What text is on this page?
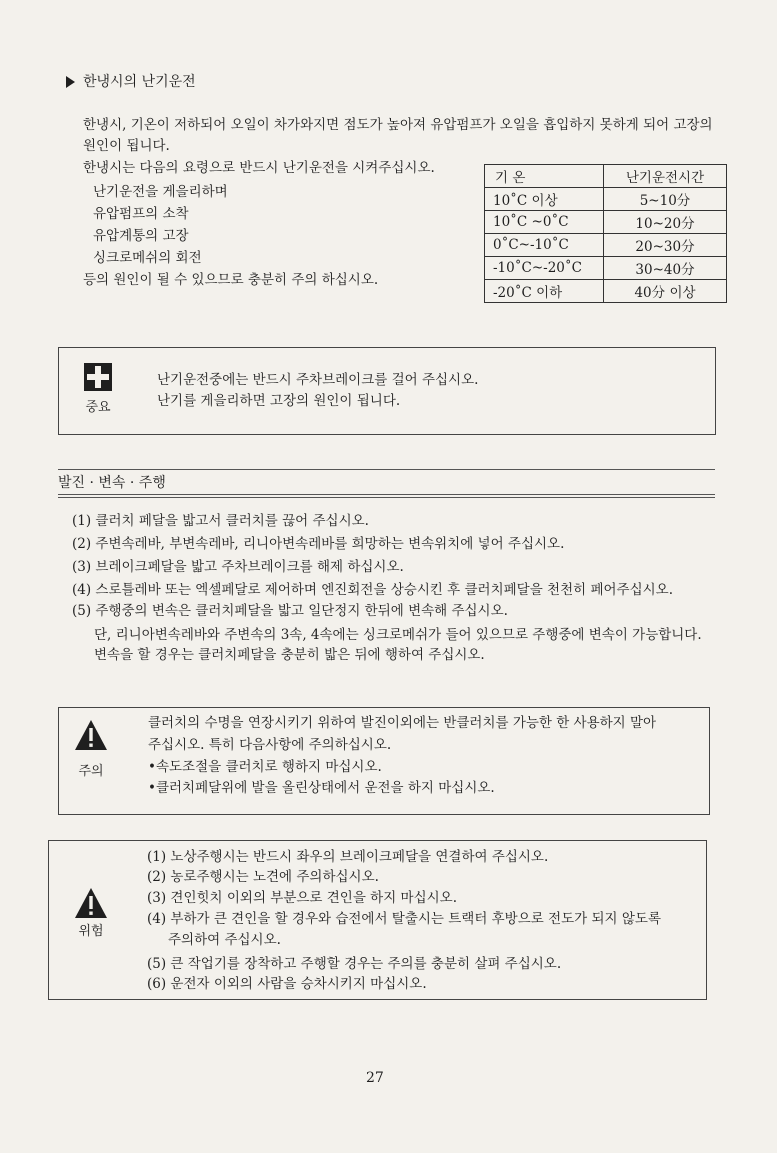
한냉시의 난기운전
한냉시, 기온이 저하되어 오일이 차가와지면 점도가 높아져 유압펌프가 오일을 흡입하지 못하게 되어 고장의
원인이 됩니다.
한냉시는 다음의 요령으로 반드시 난기운전을 시켜주십시오.
난기운전을 게을리하며
유압펌프의 소착
유압계통의 고장
싱크로메쉬의 회전
등의 원인이 될 수 있으므로 충분히 주의 하십시오.
기 온	난기운전시간
10˚C 이상	5~10分
10˚C ~0˚C	10~20分
0˚C~-10˚C	20~30分
-10˚C~-20˚C	30~40分
-20˚C 이하	40分 이상
중요
난기운전중에는 반드시 주차브레이크를 걸어 주십시오.
난기를 게을리하면 고장의 원인이 됩니다.
발진 · 변속 · 주행
(1) 클러치 페달을 밟고서 클러치를 끊어 주십시오.
(2) 주변속레바, 부변속레바, 리니아변속레바를 희망하는 변속위치에 넣어 주십시오.
(3) 브레이크페달을 밟고 주차브레이크를 해제 하십시오.
(4) 스로틀레바 또는 엑셀페달로 제어하며 엔진회전을 상승시킨 후 클러치페달을 천천히 페어주십시오.
(5) 주행중의 변속은 클러치페달을 밟고 일단정지 한뒤에 변속해 주십시오.
단, 리니아변속레바와 주변속의 3속, 4속에는 싱크로메쉬가 들어 있으므로 주행중에 변속이 가능합니다.
변속을 할 경우는 클러치페달을 충분히 밟은 뒤에 행하여 주십시오.
주의
클러치의 수명을 연장시키기 위하여 발진이외에는 반클러치를 가능한 한 사용하지 말아
주십시오. 특히 다음사항에 주의하십시오.
•속도조절을 클러치로 행하지 마십시오.
•클러치페달위에 발을 올린상태에서 운전을 하지 마십시오.
위험
(1) 노상주행시는 반드시 좌우의 브레이크페달을 연결하여 주십시오.
(2) 농로주행시는 노견에 주의하십시오.
(3) 견인힛치 이외의 부분으로 견인을 하지 마십시오.
(4) 부하가 큰 견인을 할 경우와 습전에서 탈출시는 트랙터 후방으로 전도가 되지 않도록
주의하여 주십시오.
(5) 큰 작업기를 장착하고 주행할 경우는 주의를 충분히 살펴 주십시오.
(6) 운전자 이외의 사람을 승차시키지 마십시오.
27
